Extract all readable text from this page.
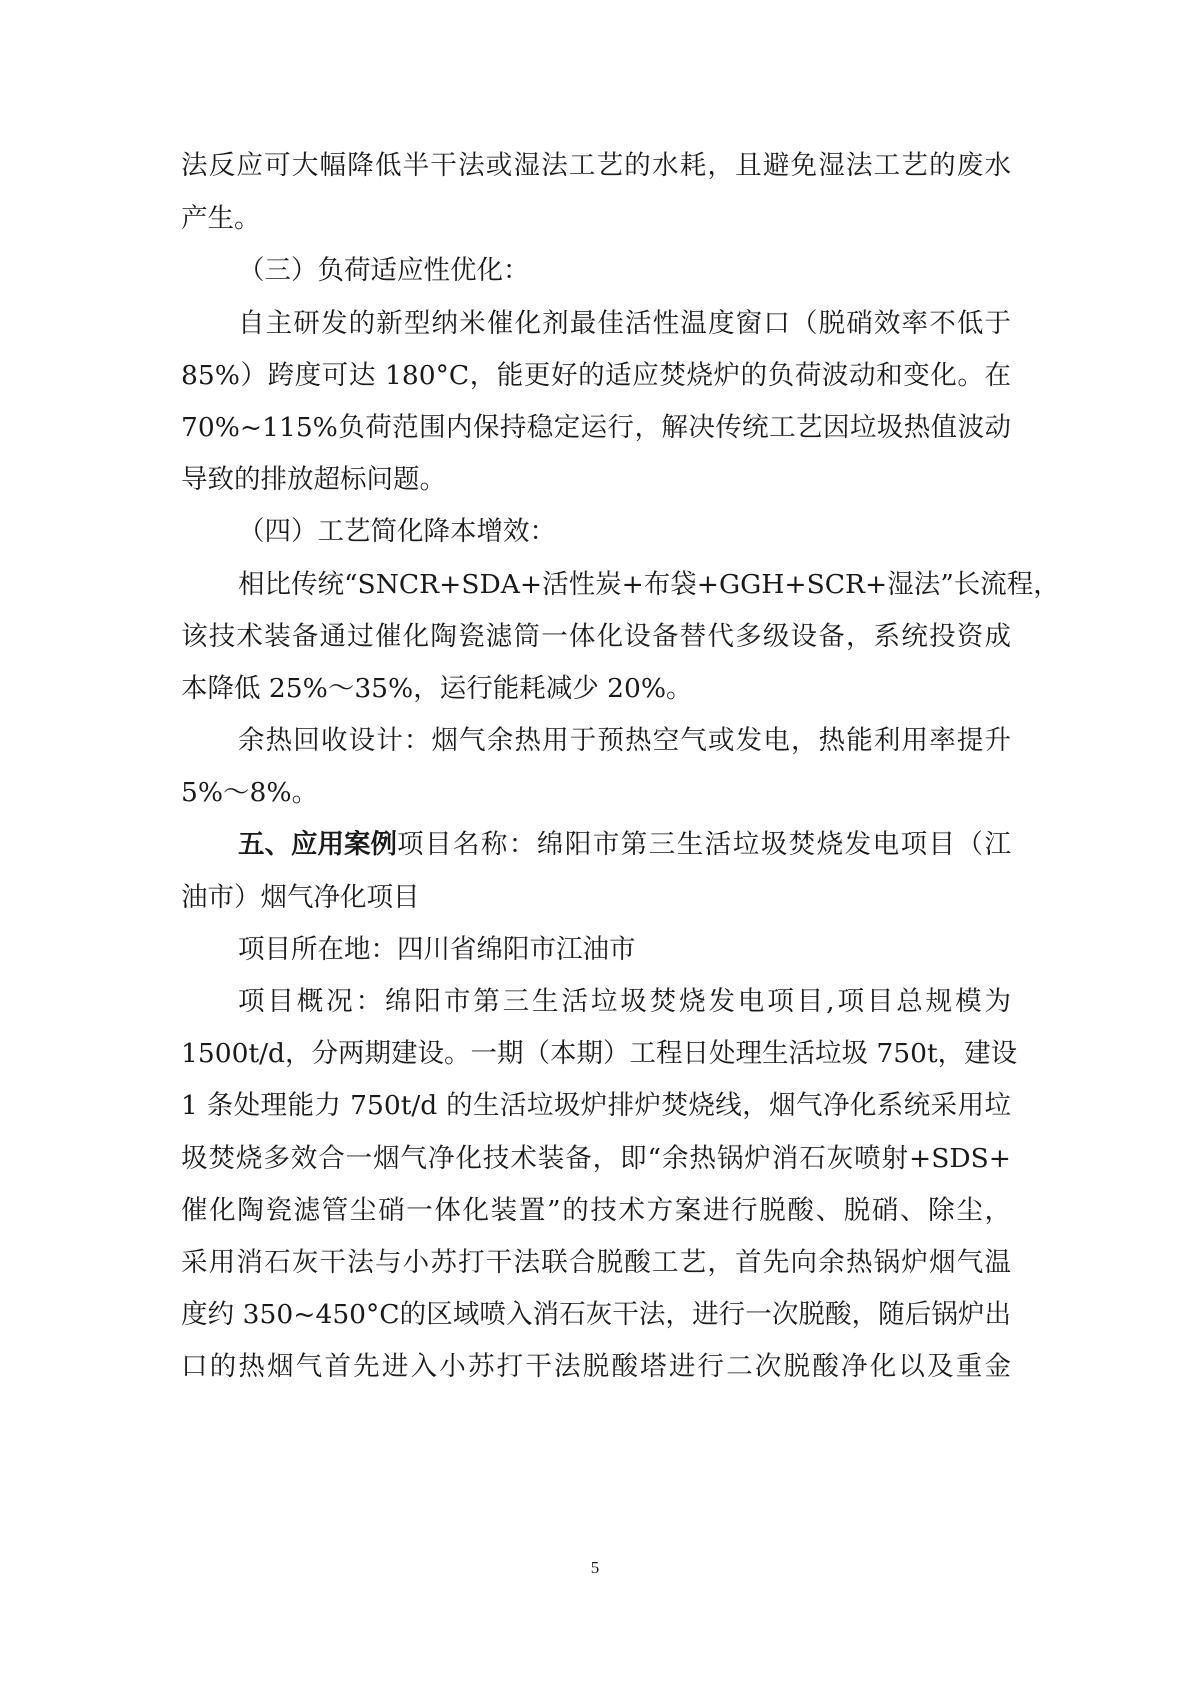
法反应可大幅降低半干法或湿法工艺的水耗，且避免湿法工艺的废水
产生。
（三）负荷适应性优化：
自主研发的新型纳米催化剂最佳活性温度窗口（脱硝效率不低于
85%）跨度可达 180°C，能更好的适应焚烧炉的负荷波动和变化。在
70%~115%负荷范围内保持稳定运行，解决传统工艺因垃圾热值波动
导致的排放超标问题。
（四）工艺简化降本增效：
相比传统“SNCR+SDA+活性炭+布袋+GGH+SCR+湿法”长流程，
该技术装备通过催化陶瓷滤筒一体化设备替代多级设备，系统投资成
本降低 25%～35%，运行能耗减少 20%。
余热回收设计：烟气余热用于预热空气或发电，热能利用率提升
5%～8%。
五、应用案例 项目名称：绵阳市第三生活垃圾焚烧发电项目（江
油市）烟气净化项目
项目所在地：四川省绵阳市江油市
项目概况：绵阳市第三生活垃圾焚烧发电项目,项目总规模为
1500t/d，分两期建设。一期（本期）工程日处理生活垃圾 750t，建设
1 条处理能力 750t/d 的生活垃圾炉排炉焚烧线，烟气净化系统采用垃
圾焚烧多效合一烟气净化技术装备，即“余热锅炉消石灰喷射+SDS+
催化陶瓷滤管尘硝一体化装置”的技术方案进行脱酸、脱硝、除尘，
采用消石灰干法与小苏打干法联合脱酸工艺，首先向余热锅炉烟气温
度约 350~450°C的区域喷入消石灰干法，进行一次脱酸，随后锅炉出
口的热烟气首先进入小苏打干法脱酸塔进行二次脱酸净化以及重金
5
